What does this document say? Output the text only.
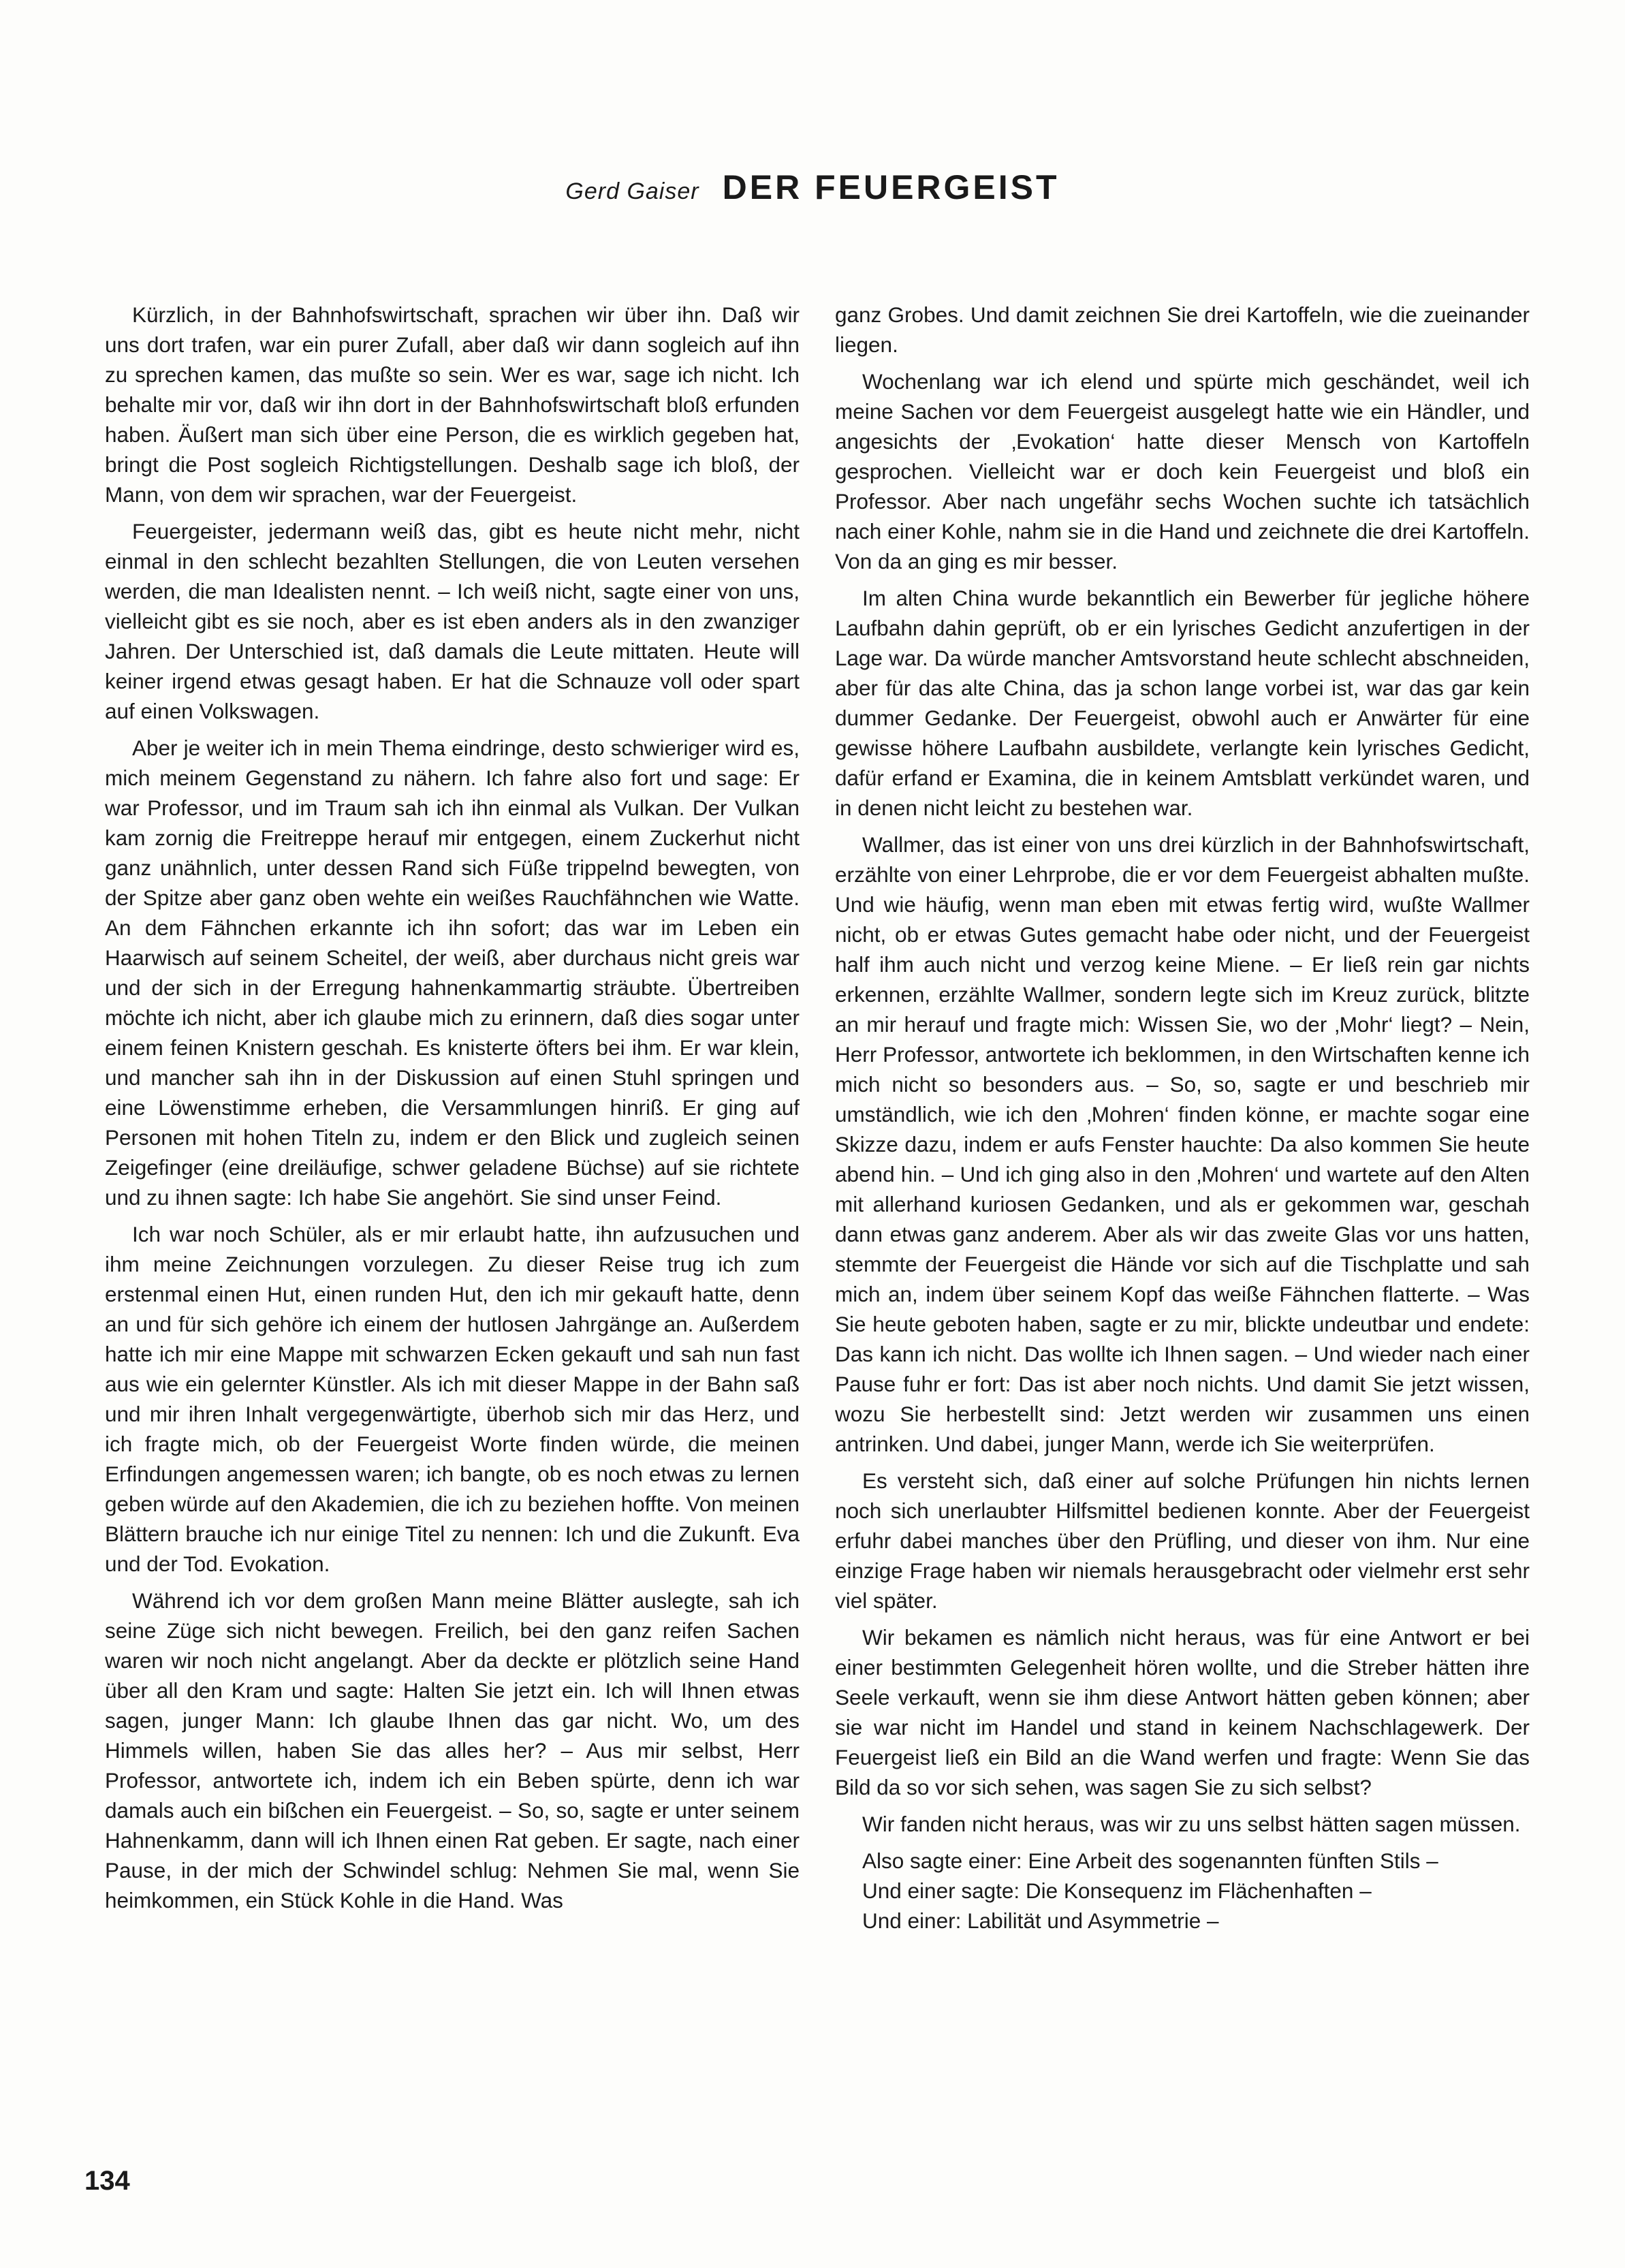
Gerd Gaiser DER FEUERGEIST

Kürzlich, in der Bahnhofswirtschaft, sprachen wir über ihn. Daß wir uns dort trafen, war ein purer Zufall, aber daß wir dann sogleich auf ihn zu sprechen kamen, das mußte so sein. Wer es war, sage ich nicht. Ich behalte mir vor, daß wir ihn dort in der Bahnhofswirtschaft bloß erfunden haben. Äußert man sich über eine Person, die es wirklich gegeben hat, bringt die Post sogleich Richtigstellungen. Deshalb sage ich bloß, der Mann, von dem wir sprachen, war der Feuergeist.

Feuergeister, jedermann weiß das, gibt es heute nicht mehr, nicht einmal in den schlecht bezahlten Stellungen, die von Leuten versehen werden, die man Idealisten nennt. – Ich weiß nicht, sagte einer von uns, vielleicht gibt es sie noch, aber es ist eben anders als in den zwanziger Jahren. Der Unterschied ist, daß damals die Leute mittaten. Heute will keiner irgend etwas gesagt haben. Er hat die Schnauze voll oder spart auf einen Volkswagen.

Aber je weiter ich in mein Thema eindringe, desto schwieriger wird es, mich meinem Gegenstand zu nähern. Ich fahre also fort und sage: Er war Professor, und im Traum sah ich ihn einmal als Vulkan. Der Vulkan kam zornig die Freitreppe herauf mir entgegen, einem Zuckerhut nicht ganz unähnlich, unter dessen Rand sich Füße trippelnd bewegten, von der Spitze aber ganz oben wehte ein weißes Rauchfähnchen wie Watte. An dem Fähnchen erkannte ich ihn sofort; das war im Leben ein Haarwisch auf seinem Scheitel, der weiß, aber durchaus nicht greis war und der sich in der Erregung hahnenkammartig sträubte. Übertreiben möchte ich nicht, aber ich glaube mich zu erinnern, daß dies sogar unter einem feinen Knistern geschah. Es knisterte öfters bei ihm. Er war klein, und mancher sah ihn in der Diskussion auf einen Stuhl springen und eine Löwenstimme erheben, die Versammlungen hinriß. Er ging auf Personen mit hohen Titeln zu, indem er den Blick und zugleich seinen Zeigefinger (eine dreiläufige, schwer geladene Büchse) auf sie richtete und zu ihnen sagte: Ich habe Sie angehört. Sie sind unser Feind.

Ich war noch Schüler, als er mir erlaubt hatte, ihn aufzusuchen und ihm meine Zeichnungen vorzulegen. Zu dieser Reise trug ich zum erstenmal einen Hut, einen runden Hut, den ich mir gekauft hatte, denn an und für sich gehöre ich einem der hutlosen Jahrgänge an. Außerdem hatte ich mir eine Mappe mit schwarzen Ecken gekauft und sah nun fast aus wie ein gelernter Künstler. Als ich mit dieser Mappe in der Bahn saß und mir ihren Inhalt vergegenwärtigte, überhob sich mir das Herz, und ich fragte mich, ob der Feuergeist Worte finden würde, die meinen Erfindungen angemessen waren; ich bangte, ob es noch etwas zu lernen geben würde auf den Akademien, die ich zu beziehen hoffte. Von meinen Blättern brauche ich nur einige Titel zu nennen: Ich und die Zukunft. Eva und der Tod. Evokation.

Während ich vor dem großen Mann meine Blätter auslegte, sah ich seine Züge sich nicht bewegen. Freilich, bei den ganz reifen Sachen waren wir noch nicht angelangt. Aber da deckte er plötzlich seine Hand über all den Kram und sagte: Halten Sie jetzt ein. Ich will Ihnen etwas sagen, junger Mann: Ich glaube Ihnen das gar nicht. Wo, um des Himmels willen, haben Sie das alles her? – Aus mir selbst, Herr Professor, antwortete ich, indem ich ein Beben spürte, denn ich war damals auch ein bißchen ein Feuergeist. – So, so, sagte er unter seinem Hahnenkamm, dann will ich Ihnen einen Rat geben. Er sagte, nach einer Pause, in der mich der Schwindel schlug: Nehmen Sie mal, wenn Sie heimkommen, ein Stück Kohle in die Hand. Was

ganz Grobes. Und damit zeichnen Sie drei Kartoffeln, wie die zueinander liegen.

Wochenlang war ich elend und spürte mich geschändet, weil ich meine Sachen vor dem Feuergeist ausgelegt hatte wie ein Händler, und angesichts der ‚Evokation‘ hatte dieser Mensch von Kartoffeln gesprochen. Vielleicht war er doch kein Feuergeist und bloß ein Professor. Aber nach ungefähr sechs Wochen suchte ich tatsächlich nach einer Kohle, nahm sie in die Hand und zeichnete die drei Kartoffeln. Von da an ging es mir besser.

Im alten China wurde bekanntlich ein Bewerber für jegliche höhere Laufbahn dahin geprüft, ob er ein lyrisches Gedicht anzufertigen in der Lage war. Da würde mancher Amtsvorstand heute schlecht abschneiden, aber für das alte China, das ja schon lange vorbei ist, war das gar kein dummer Gedanke. Der Feuergeist, obwohl auch er Anwärter für eine gewisse höhere Laufbahn ausbildete, verlangte kein lyrisches Gedicht, dafür erfand er Examina, die in keinem Amtsblatt verkündet waren, und in denen nicht leicht zu bestehen war.

Wallmer, das ist einer von uns drei kürzlich in der Bahnhofswirtschaft, erzählte von einer Lehrprobe, die er vor dem Feuergeist abhalten mußte. Und wie häufig, wenn man eben mit etwas fertig wird, wußte Wallmer nicht, ob er etwas Gutes gemacht habe oder nicht, und der Feuergeist half ihm auch nicht und verzog keine Miene. – Er ließ rein gar nichts erkennen, erzählte Wallmer, sondern legte sich im Kreuz zurück, blitzte an mir herauf und fragte mich: Wissen Sie, wo der ‚Mohr‘ liegt? – Nein, Herr Professor, antwortete ich beklommen, in den Wirtschaften kenne ich mich nicht so besonders aus. – So, so, sagte er und beschrieb mir umständlich, wie ich den ‚Mohren‘ finden könne, er machte sogar eine Skizze dazu, indem er aufs Fenster hauchte: Da also kommen Sie heute abend hin. – Und ich ging also in den ‚Mohren‘ und wartete auf den Alten mit allerhand kuriosen Gedanken, und als er gekommen war, geschah dann etwas ganz anderem. Aber als wir das zweite Glas vor uns hatten, stemmte der Feuergeist die Hände vor sich auf die Tischplatte und sah mich an, indem über seinem Kopf das weiße Fähnchen flatterte. – Was Sie heute geboten haben, sagte er zu mir, blickte undeutbar und endete: Das kann ich nicht. Das wollte ich Ihnen sagen. – Und wieder nach einer Pause fuhr er fort: Das ist aber noch nichts. Und damit Sie jetzt wissen, wozu Sie herbestellt sind: Jetzt werden wir zusammen uns einen antrinken. Und dabei, junger Mann, werde ich Sie weiterprüfen.

Es versteht sich, daß einer auf solche Prüfungen hin nichts lernen noch sich unerlaubter Hilfsmittel bedienen konnte. Aber der Feuergeist erfuhr dabei manches über den Prüfling, und dieser von ihm. Nur eine einzige Frage haben wir niemals herausgebracht oder vielmehr erst sehr viel später.

Wir bekamen es nämlich nicht heraus, was für eine Antwort er bei einer bestimmten Gelegenheit hören wollte, und die Streber hätten ihre Seele verkauft, wenn sie ihm diese Antwort hätten geben können; aber sie war nicht im Handel und stand in keinem Nachschlagewerk. Der Feuergeist ließ ein Bild an die Wand werfen und fragte: Wenn Sie das Bild da so vor sich sehen, was sagen Sie zu sich selbst?

Wir fanden nicht heraus, was wir zu uns selbst hätten sagen müssen.

Also sagte einer: Eine Arbeit des sogenannten fünften Stils –

Und einer sagte: Die Konsequenz im Flächenhaften –

Und einer: Labilität und Asymmetrie –

134
